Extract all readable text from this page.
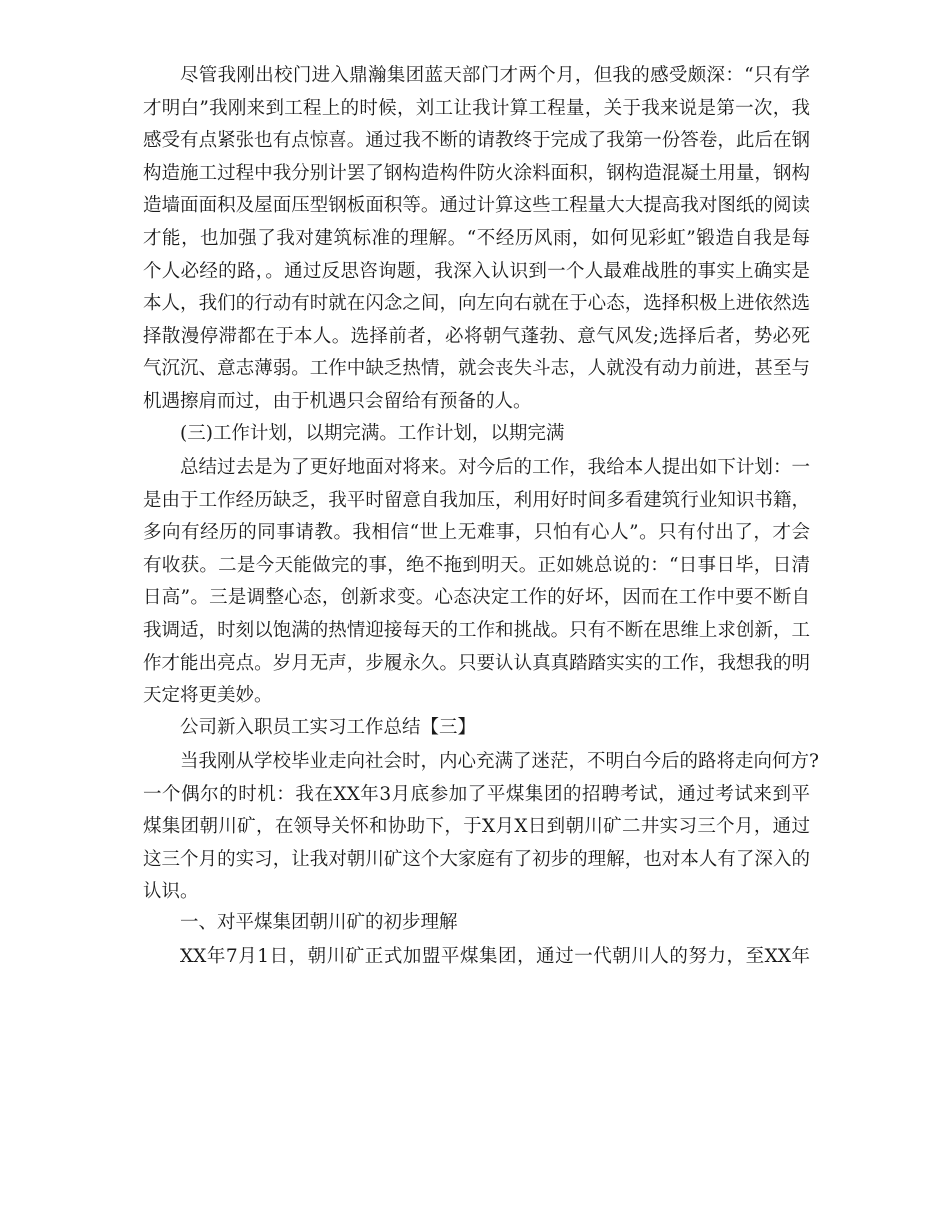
尽管我刚出校门进入鼎瀚集团蓝天部门才两个月，但我的感受颇深：“只有学
才明白”我刚来到工程上的时候，刘工让我计算工程量，关于我来说是第一次，我
感受有点紧张也有点惊喜。通过我不断的请教终于完成了我第一份答卷，此后在钢
构造施工过程中我分别计罢了钢构造构件防火涂料面积，钢构造混凝土用量，钢构
造墙面面积及屋面压型钢板面积等。通过计算这些工程量大大提高我对图纸的阅读
才能，也加强了我对建筑标准的理解。“不经历风雨，如何见彩虹”锻造自我是每
个人必经的路，。通过反思咨询题，我深入认识到一个人最难战胜的事实上确实是
本人，我们的行动有时就在闪念之间，向左向右就在于心态，选择积极上进依然选
择散漫停滞都在于本人。选择前者，必将朝气蓬勃、意气风发;选择后者，势必死
气沉沉、意志薄弱。工作中缺乏热情，就会丧失斗志，人就没有动力前进，甚至与
机遇擦肩而过，由于机遇只会留给有预备的人。
(三)工作计划，以期完满。工作计划，以期完满
总结过去是为了更好地面对将来。对今后的工作，我给本人提出如下计划：一
是由于工作经历缺乏，我平时留意自我加压，利用好时间多看建筑行业知识书籍，
多向有经历的同事请教。我相信“世上无难事，只怕有心人”。只有付出了，才会
有收获。二是今天能做完的事，绝不拖到明天。正如姚总说的：“日事日毕，日清
日高”。三是调整心态，创新求变。心态决定工作的好坏，因而在工作中要不断自
我调适，时刻以饱满的热情迎接每天的工作和挑战。只有不断在思维上求创新，工
作才能出亮点。岁月无声，步履永久。只要认认真真踏踏实实的工作，我想我的明
天定将更美妙。
公司新入职员工实习工作总结【三】
当我刚从学校毕业走向社会时，内心充满了迷茫，不明白今后的路将走向何方?
一个偶尔的时机：我在XX年3月底参加了平煤集团的招聘考试，通过考试来到平
煤集团朝川矿，在领导关怀和协助下，于X月X日到朝川矿二井实习三个月，通过
这三个月的实习，让我对朝川矿这个大家庭有了初步的理解，也对本人有了深入的
认识。
一、对平煤集团朝川矿的初步理解
XX年7月1日，朝川矿正式加盟平煤集团，通过一代朝川人的努力，至XX年
